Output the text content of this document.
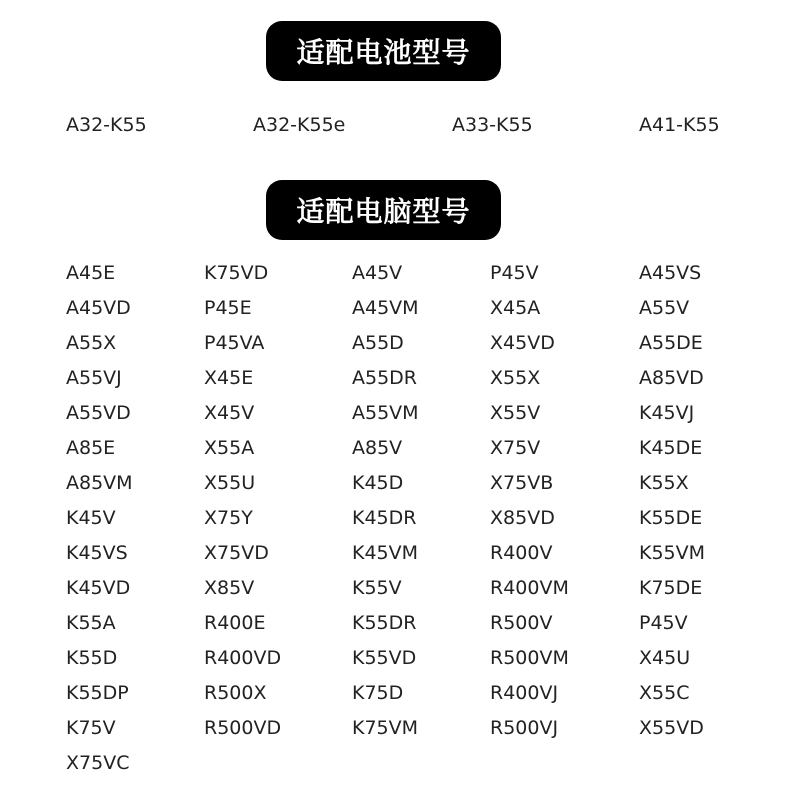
适配电池型号
A32-K55	A32-K55e	A33-K55	A41-K55
适配电脑型号
A45E	K75VD	A45V	P45V	A45VS
A45VD	P45E	A45VM	X45A	A55V
A55X	P45VA	A55D	X45VD	A55DE
A55VJ	X45E	A55DR	X55X	A85VD
A55VD	X45V	A55VM	X55V	K45VJ
A85E	X55A	A85V	X75V	K45DE
A85VM	X55U	K45D	X75VB	K55X
K45V	X75Y	K45DR	X85VD	K55DE
K45VS	X75VD	K45VM	R400V	K55VM
K45VD	X85V	K55V	R400VM	K75DE
K55A	R400E	K55DR	R500V	P45V
K55D	R400VD	K55VD	R500VM	X45U
K55DP	R500X	K75D	R400VJ	X55C
K75V	R500VD	K75VM	R500VJ	X55VD
X75VC
